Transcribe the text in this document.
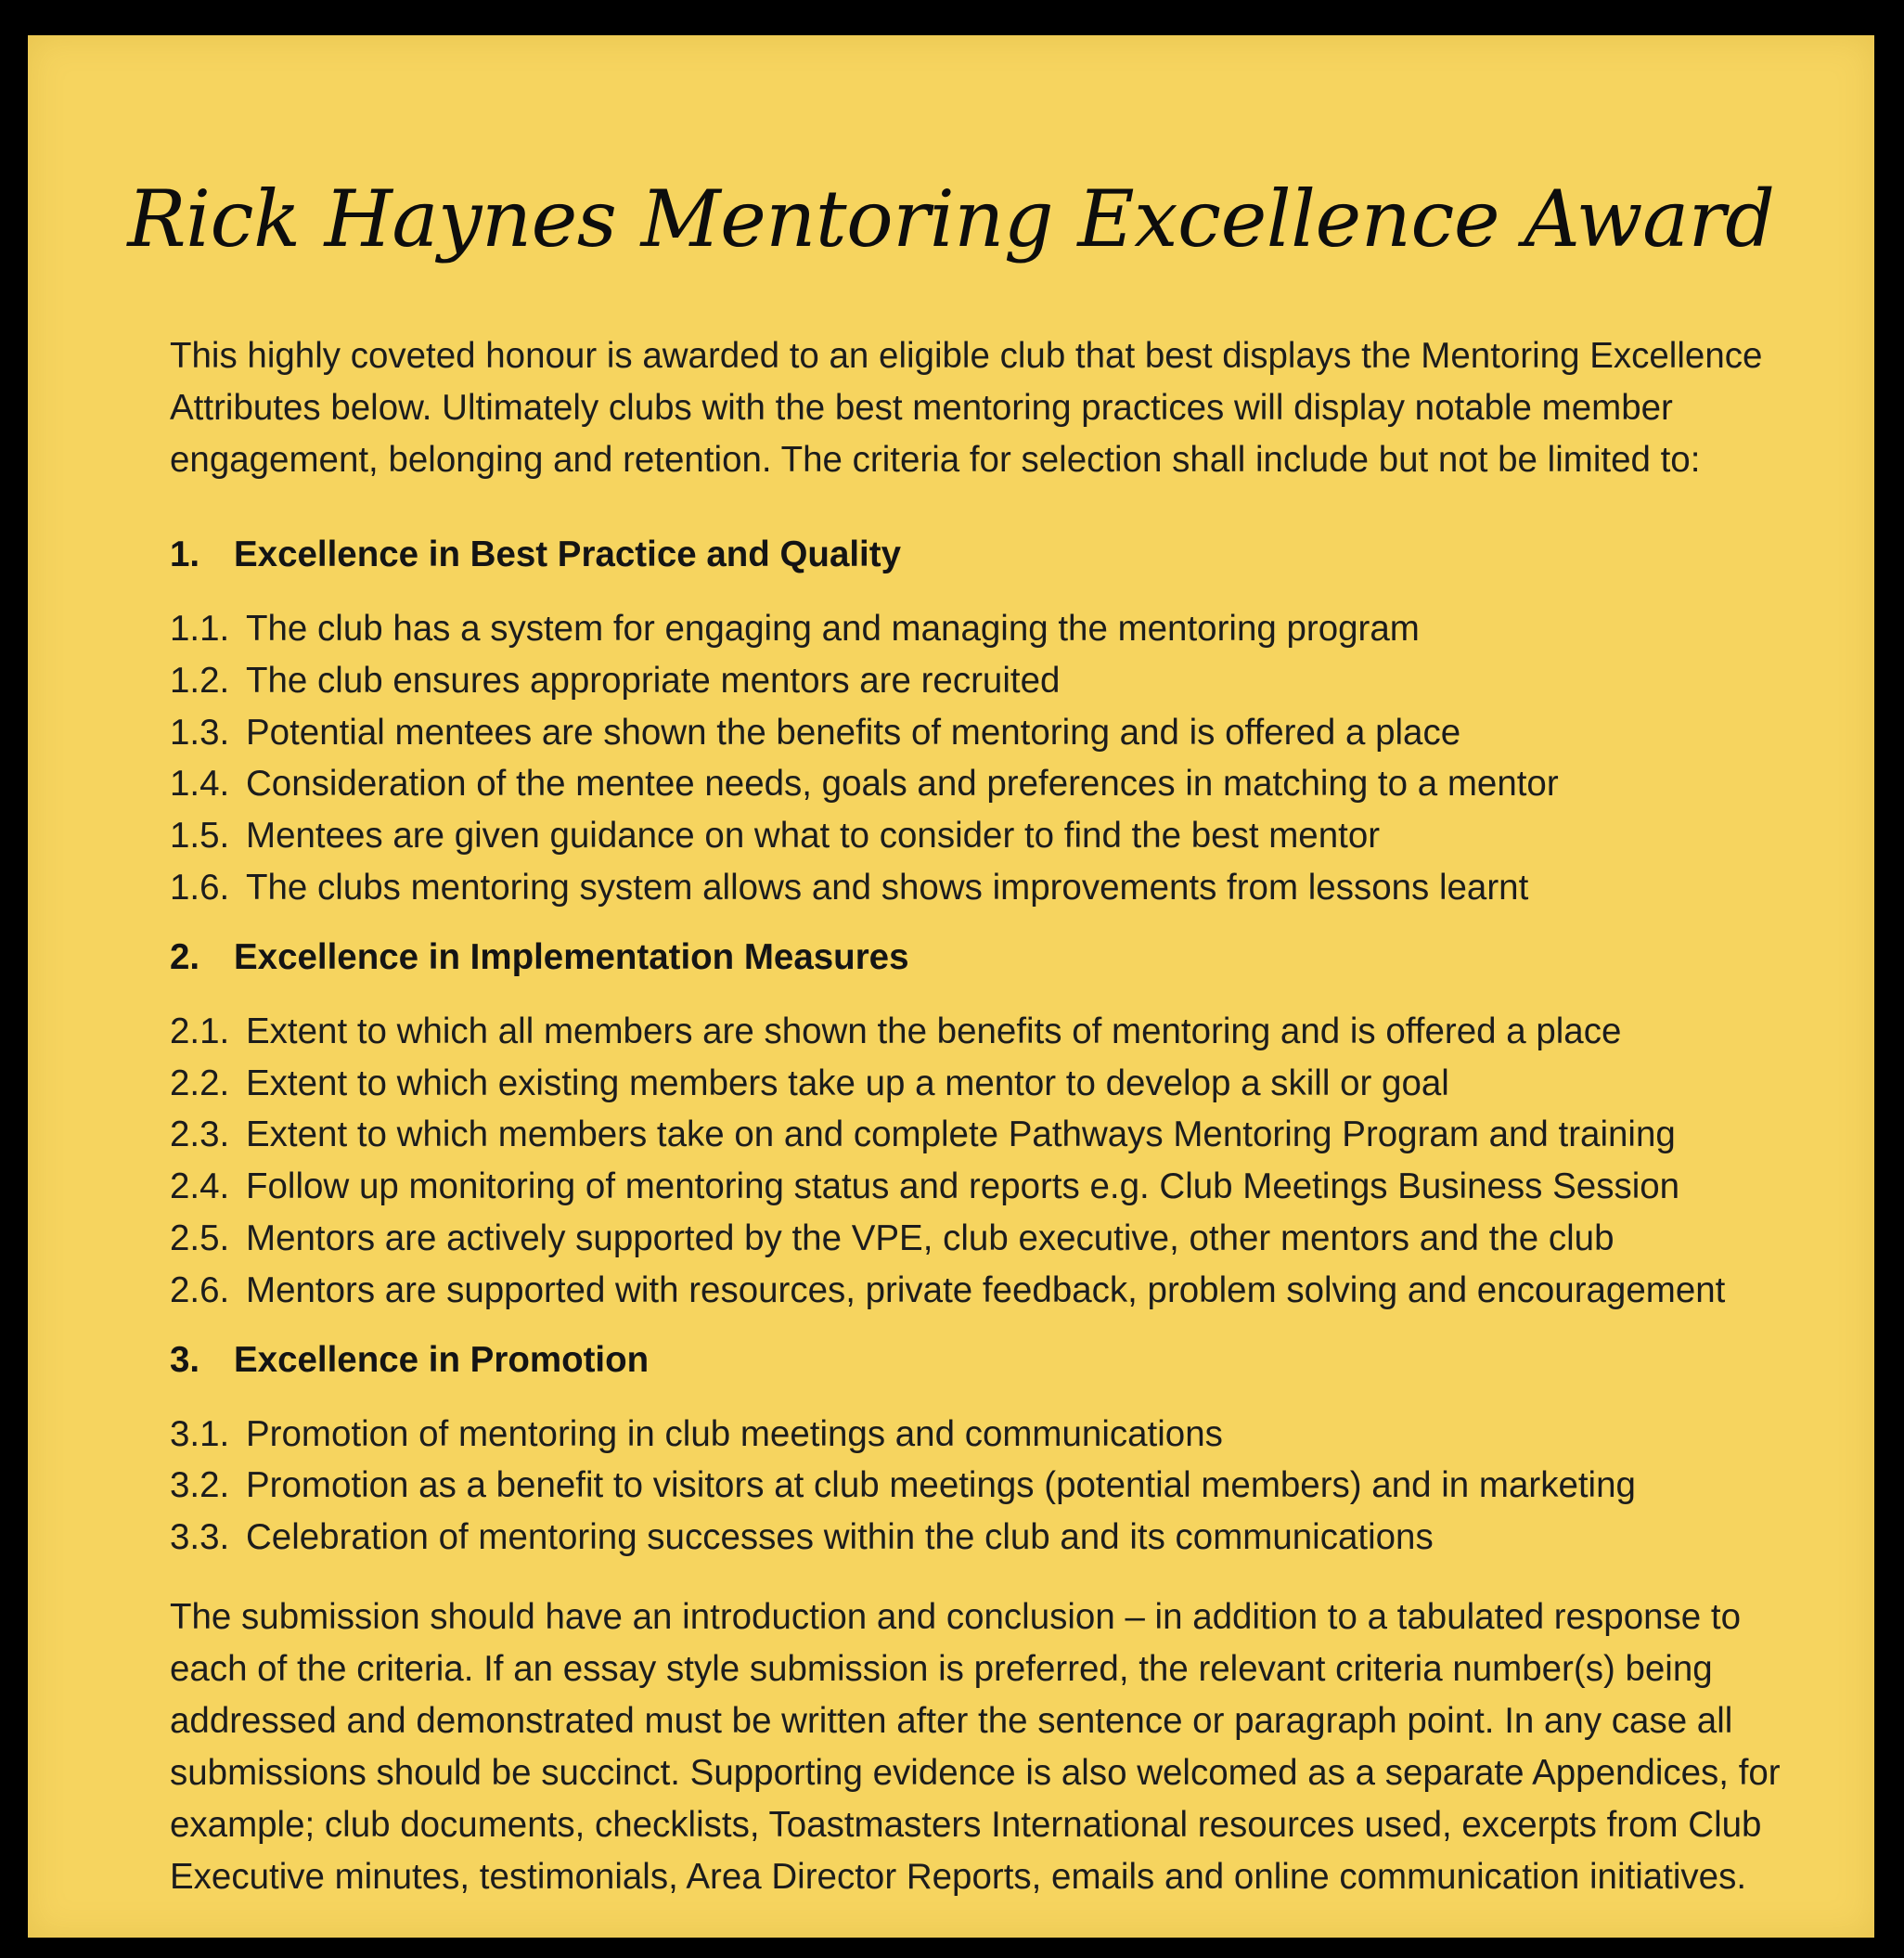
Rick Haynes Mentoring Excellence Award

This highly coveted honour is awarded to an eligible club that best displays the Mentoring Excellence Attributes below. Ultimately clubs with the best mentoring practices will display notable member engagement, belonging and retention. The criteria for selection shall include but not be limited to:

1. Excellence in Best Practice and Quality
1.1. The club has a system for engaging and managing the mentoring program
1.2. The club ensures appropriate mentors are recruited
1.3. Potential mentees are shown the benefits of mentoring and is offered a place
1.4. Consideration of the mentee needs, goals and preferences in matching to a mentor
1.5. Mentees are given guidance on what to consider to find the best mentor
1.6. The clubs mentoring system allows and shows improvements from lessons learnt
2. Excellence in Implementation Measures
2.1. Extent to which all members are shown the benefits of mentoring and is offered a place
2.2. Extent to which existing members take up a mentor to develop a skill or goal
2.3. Extent to which members take on and complete Pathways Mentoring Program and training
2.4. Follow up monitoring of mentoring status and reports e.g. Club Meetings Business Session
2.5. Mentors are actively supported by the VPE, club executive, other mentors and the club
2.6. Mentors are supported with resources, private feedback, problem solving and encouragement
3. Excellence in Promotion
3.1. Promotion of mentoring in club meetings and communications
3.2. Promotion as a benefit to visitors at club meetings (potential members) and in marketing
3.3. Celebration of mentoring successes within the club and its communications

The submission should have an introduction and conclusion – in addition to a tabulated response to each of the criteria. If an essay style submission is preferred, the relevant criteria number(s) being addressed and demonstrated must be written after the sentence or paragraph point. In any case all submissions should be succinct. Supporting evidence is also welcomed as a separate Appendices, for example; club documents, checklists, Toastmasters International resources used, excerpts from Club Executive minutes, testimonials, Area Director Reports, emails and online communication initiatives.
